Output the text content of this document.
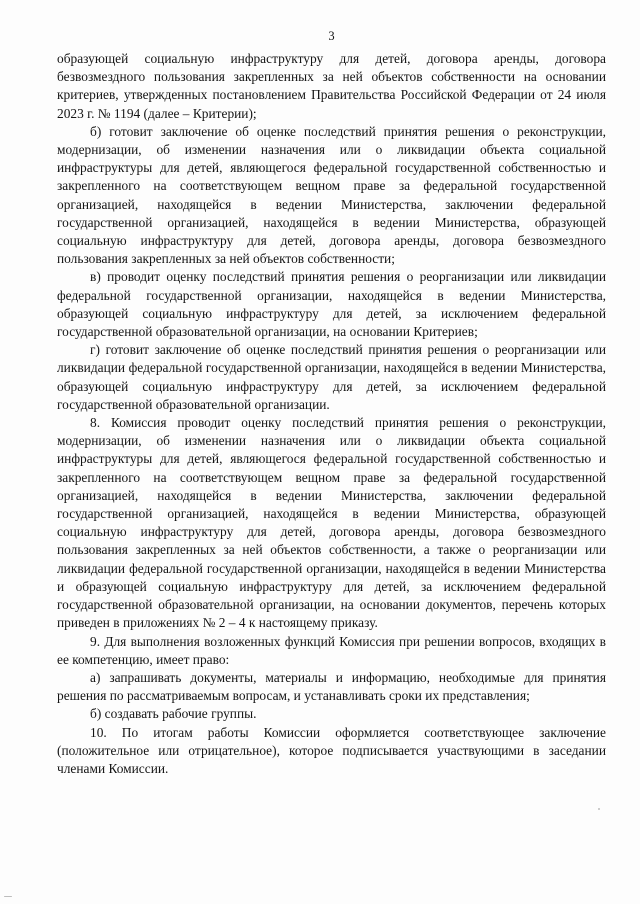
3

образующей социальную инфраструктуру для детей, договора аренды, договора безвозмездного пользования закрепленных за ней объектов собственности на основании критериев, утвержденных постановлением Правительства Российской Федерации от 24 июля 2023 г. № 1194 (далее – Критерии);

б) готовит заключение об оценке последствий принятия решения о реконструкции, модернизации, об изменении назначения или о ликвидации объекта социальной инфраструктуры для детей, являющегося федеральной государственной собственностью и закрепленного на соответствующем вещном праве за федеральной государственной организацией, находящейся в ведении Министерства, заключении федеральной государственной организацией, находящейся в ведении Министерства, образующей социальную инфраструктуру для детей, договора аренды, договора безвозмездного пользования закрепленных за ней объектов собственности;

в) проводит оценку последствий принятия решения о реорганизации или ликвидации федеральной государственной организации, находящейся в ведении Министерства, образующей социальную инфраструктуру для детей, за исключением федеральной государственной образовательной организации, на основании Критериев;

г) готовит заключение об оценке последствий принятия решения о реорганизации или ликвидации федеральной государственной организации, находящейся в ведении Министерства, образующей социальную инфраструктуру для детей, за исключением федеральной государственной образовательной организации.

8. Комиссия проводит оценку последствий принятия решения о реконструкции, модернизации, об изменении назначения или о ликвидации объекта социальной инфраструктуры для детей, являющегося федеральной государственной собственностью и закрепленного на соответствующем вещном праве за федеральной государственной организацией, находящейся в ведении Министерства, заключении федеральной государственной организацией, находящейся в ведении Министерства, образующей социальную инфраструктуру для детей, договора аренды, договора безвозмездного пользования закрепленных за ней объектов собственности, а также о реорганизации или ликвидации федеральной государственной организации, находящейся в ведении Министерства и образующей социальную инфраструктуру для детей, за исключением федеральной государственной образовательной организации, на основании документов, перечень которых приведен в приложениях № 2 – 4 к настоящему приказу.

9. Для выполнения возложенных функций Комиссия при решении вопросов, входящих в ее компетенцию, имеет право:

а) запрашивать документы, материалы и информацию, необходимые для принятия решения по рассматриваемым вопросам, и устанавливать сроки их представления;

б) создавать рабочие группы.

10. По итогам работы Комиссии оформляется соответствующее заключение (положительное или отрицательное), которое подписывается участвующими в заседании членами Комиссии.
